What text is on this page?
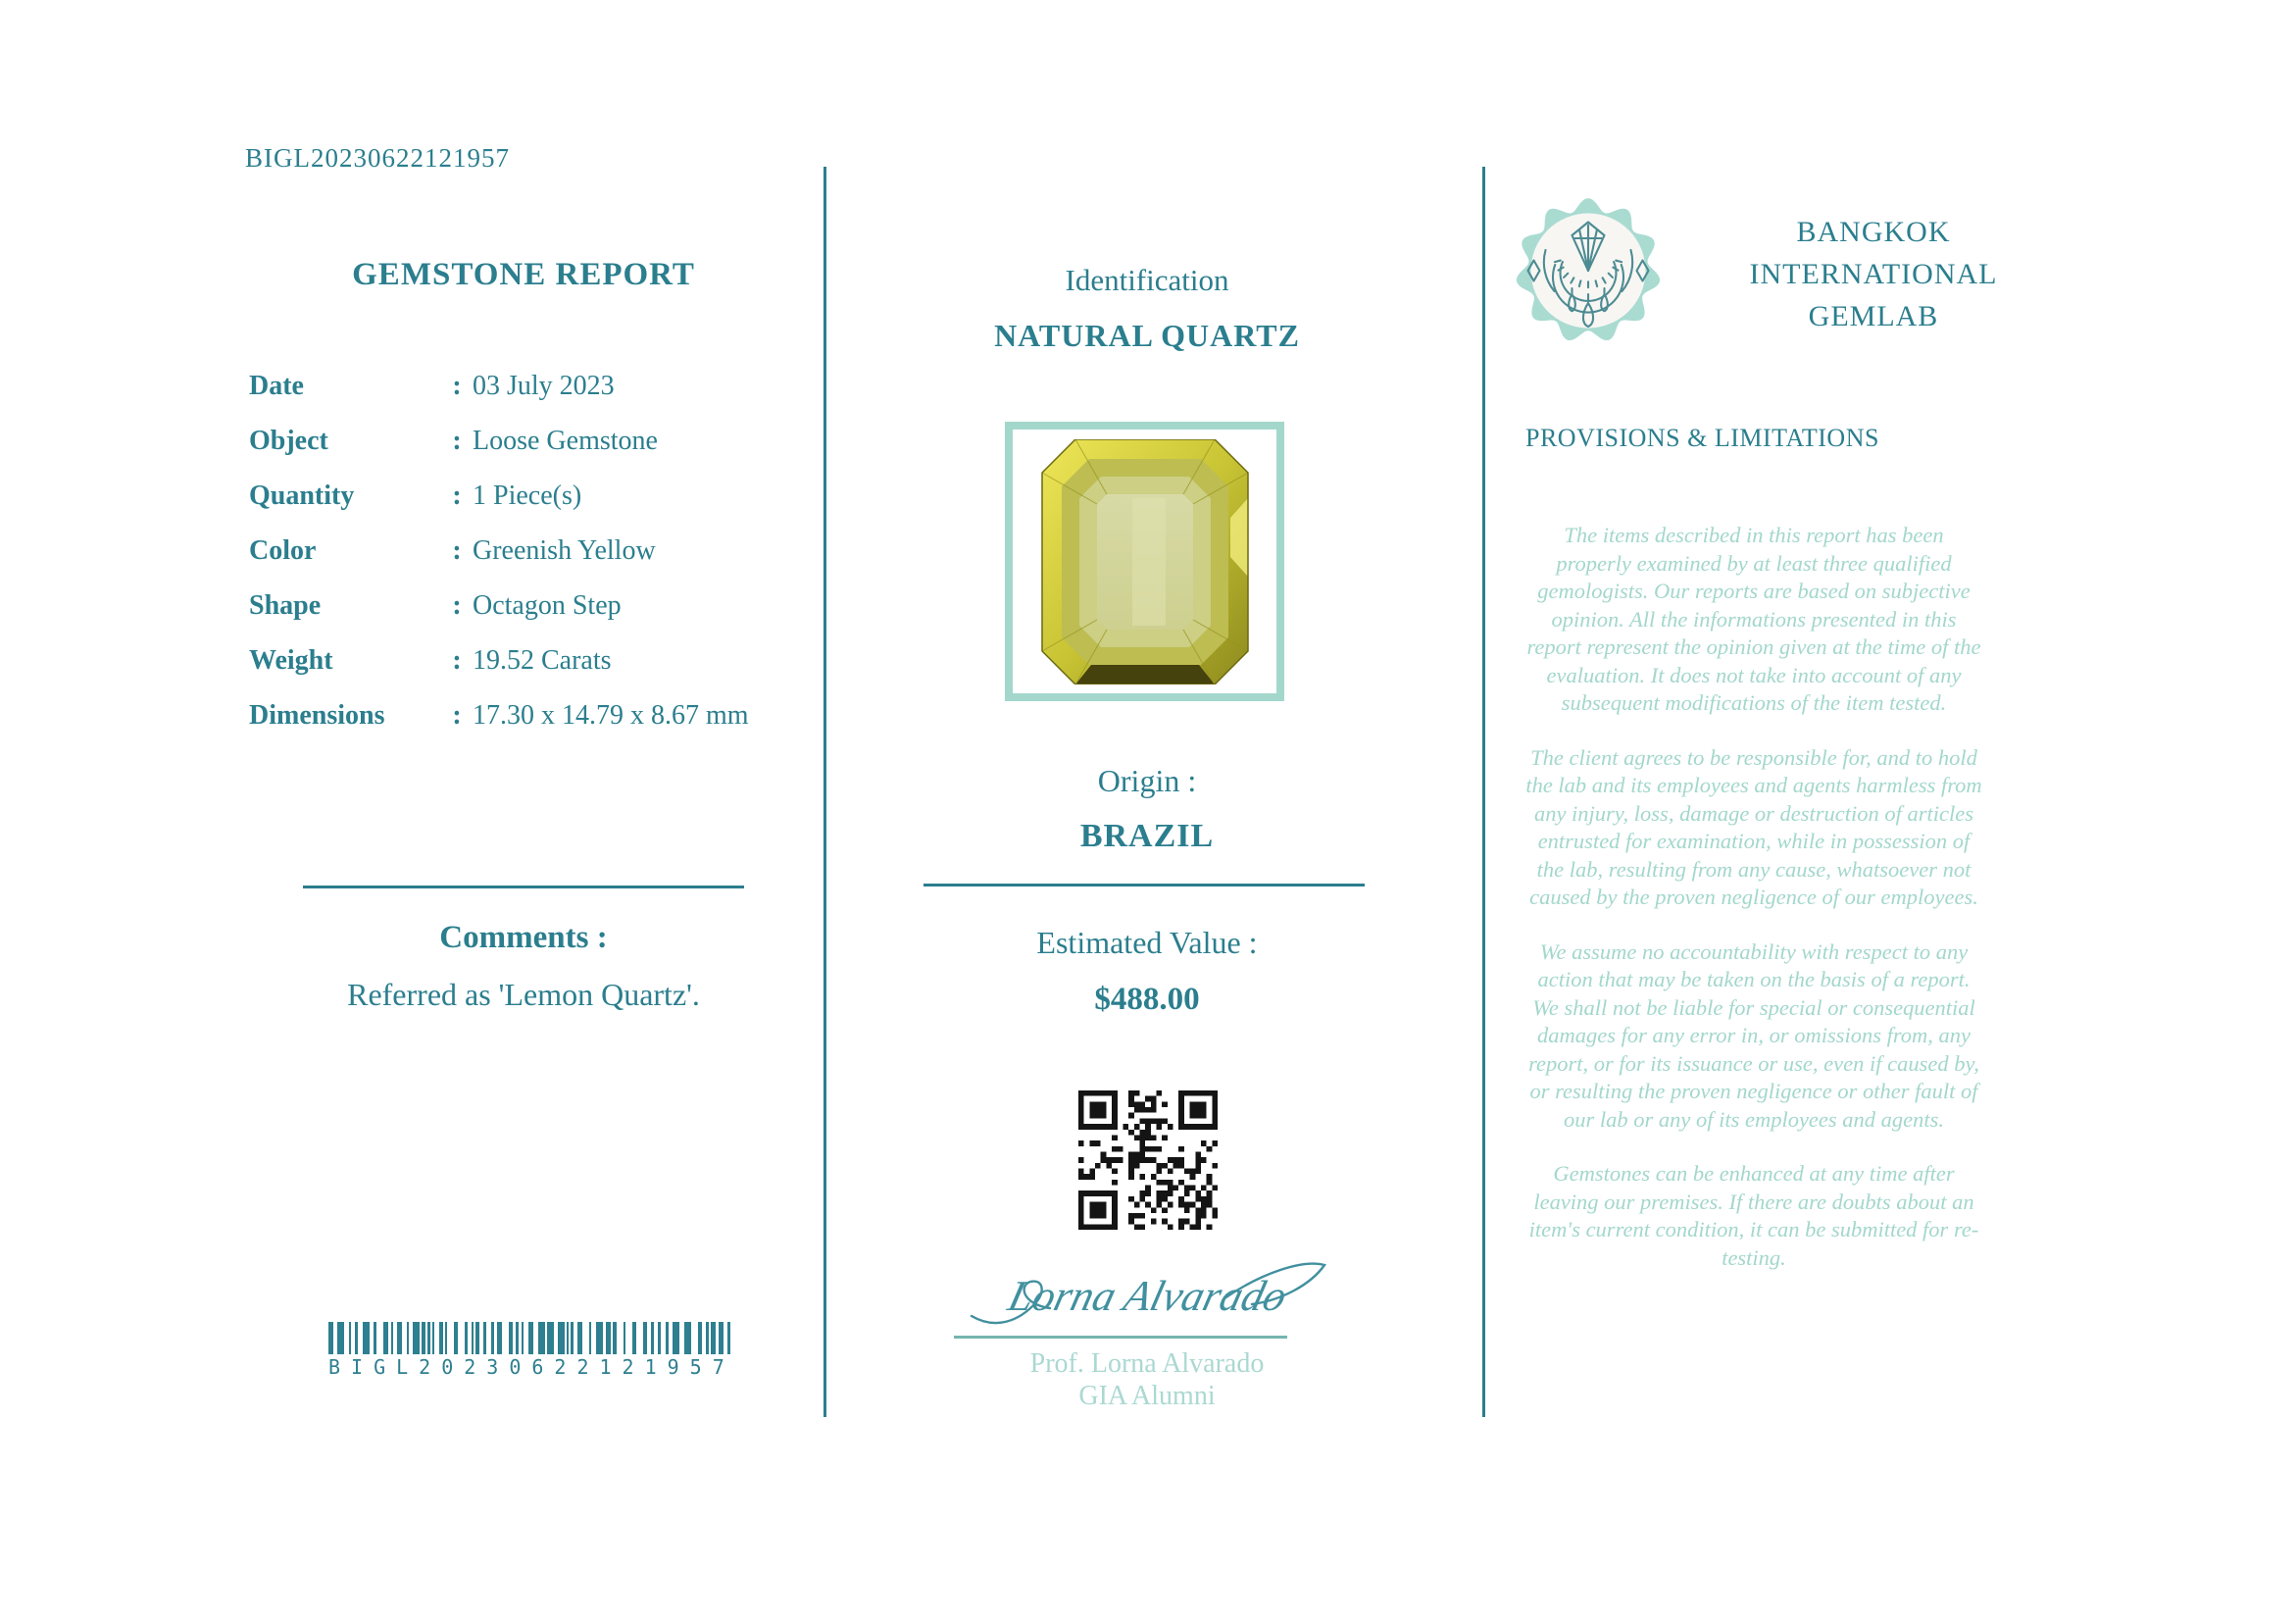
BIGL20230622121957
GEMSTONE REPORT
Date	: 03 July 2023
Object	: Loose Gemstone
Quantity	: 1 Piece(s)
Color	: Greenish Yellow
Shape	: Octagon Step
Weight	: 19.52 Carats
Dimensions	: 17.30 x 14.79 x 8.67 mm
Comments :
Referred as 'Lemon Quartz'.
BIGL20230622121957
Identification
NATURAL QUARTZ
Origin :
BRAZIL
Estimated Value :
$488.00
Lorna Alvarado
Prof. Lorna Alvarado
GIA Alumni
BANGKOK
INTERNATIONAL
GEMLAB
PROVISIONS & LIMITATIONS

The items described in this report has been properly examined by at least three qualified gemologists. Our reports are based on subjective opinion. All the informations presented in this report represent the opinion given at the time of the evaluation. It does not take into account of any subsequent modifications of the item tested.

The client agrees to be responsible for, and to hold the lab and its employees and agents harmless from any injury, loss, damage or destruction of articles entrusted for examination, while in possession of the lab, resulting from any cause, whatsoever not caused by the proven negligence of our employees.

We assume no accountability with respect to any action that may be taken on the basis of a report. We shall not be liable for special or consequential damages for any error in, or omissions from, any report, or for its issuance or use, even if caused by, or resulting the proven negligence or other fault of our lab or any of its employees and agents.

Gemstones can be enhanced at any time after leaving our premises. If there are doubts about an item's current condition, it can be submitted for re-testing.
